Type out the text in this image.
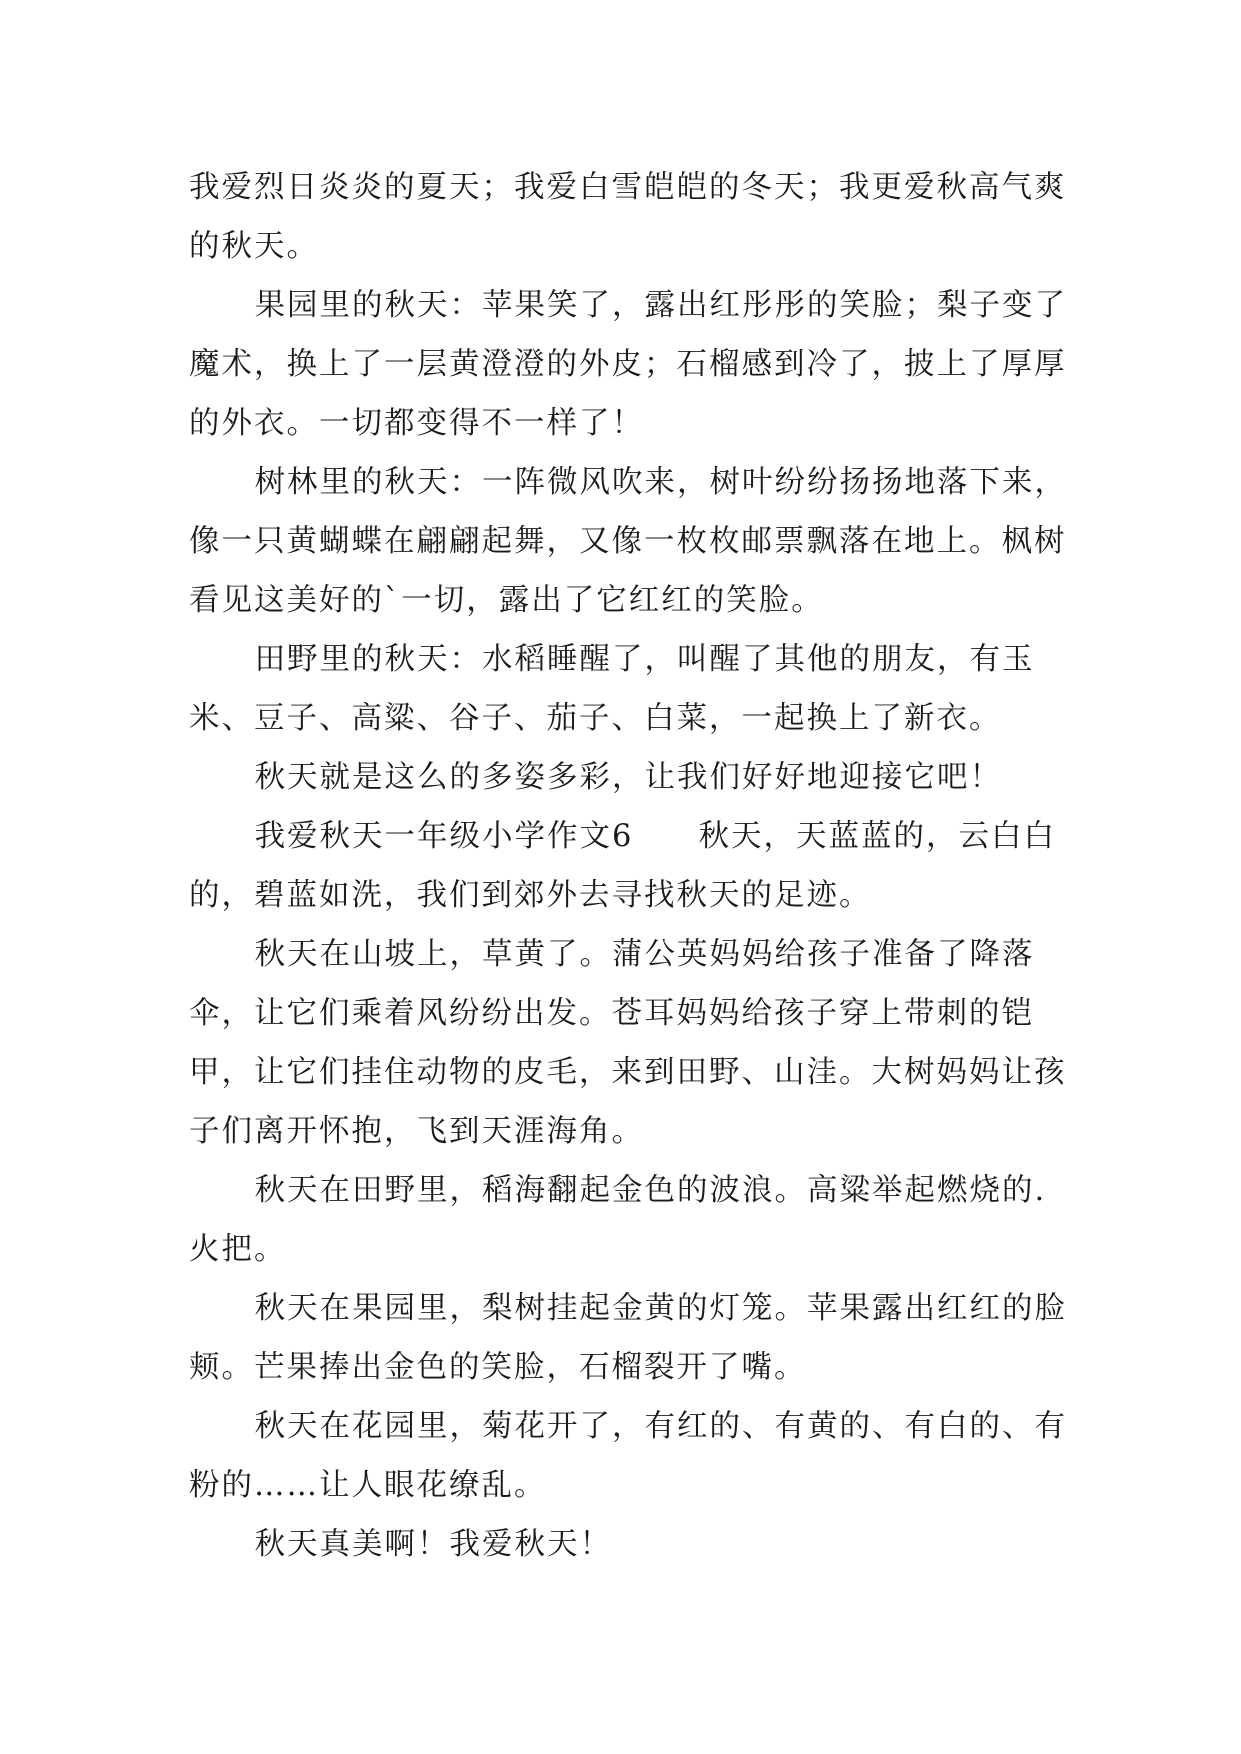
我爱烈日炎炎的夏天；我爱白雪皑皑的冬天；我更爱秋高气爽的秋天。

果园里的秋天：苹果笑了，露出红彤彤的笑脸；梨子变了魔术，换上了一层黄澄澄的外皮；石榴感到冷了，披上了厚厚的外衣。一切都变得不一样了！

树林里的秋天：一阵微风吹来，树叶纷纷扬扬地落下来，像一只黄蝴蝶在翩翩起舞，又像一枚枚邮票飘落在地上。枫树看见这美好的`一切，露出了它红红的笑脸。

田野里的秋天：水稻睡醒了，叫醒了其他的朋友，有玉米、豆子、高粱、谷子、茄子、白菜，一起换上了新衣。

秋天就是这么的多姿多彩，让我们好好地迎接它吧！

我爱秋天一年级小学作文6　　秋天，天蓝蓝的，云白白的，碧蓝如洗，我们到郊外去寻找秋天的足迹。

秋天在山坡上，草黄了。蒲公英妈妈给孩子准备了降落伞，让它们乘着风纷纷出发。苍耳妈妈给孩子穿上带刺的铠甲，让它们挂住动物的皮毛，来到田野、山洼。大树妈妈让孩子们离开怀抱，飞到天涯海角。

秋天在田野里，稻海翻起金色的波浪。高粱举起燃烧的.火把。

秋天在果园里，梨树挂起金黄的灯笼。苹果露出红红的脸颊。芒果捧出金色的笑脸，石榴裂开了嘴。

秋天在花园里，菊花开了，有红的、有黄的、有白的、有粉的……让人眼花缭乱。

秋天真美啊！我爱秋天！
